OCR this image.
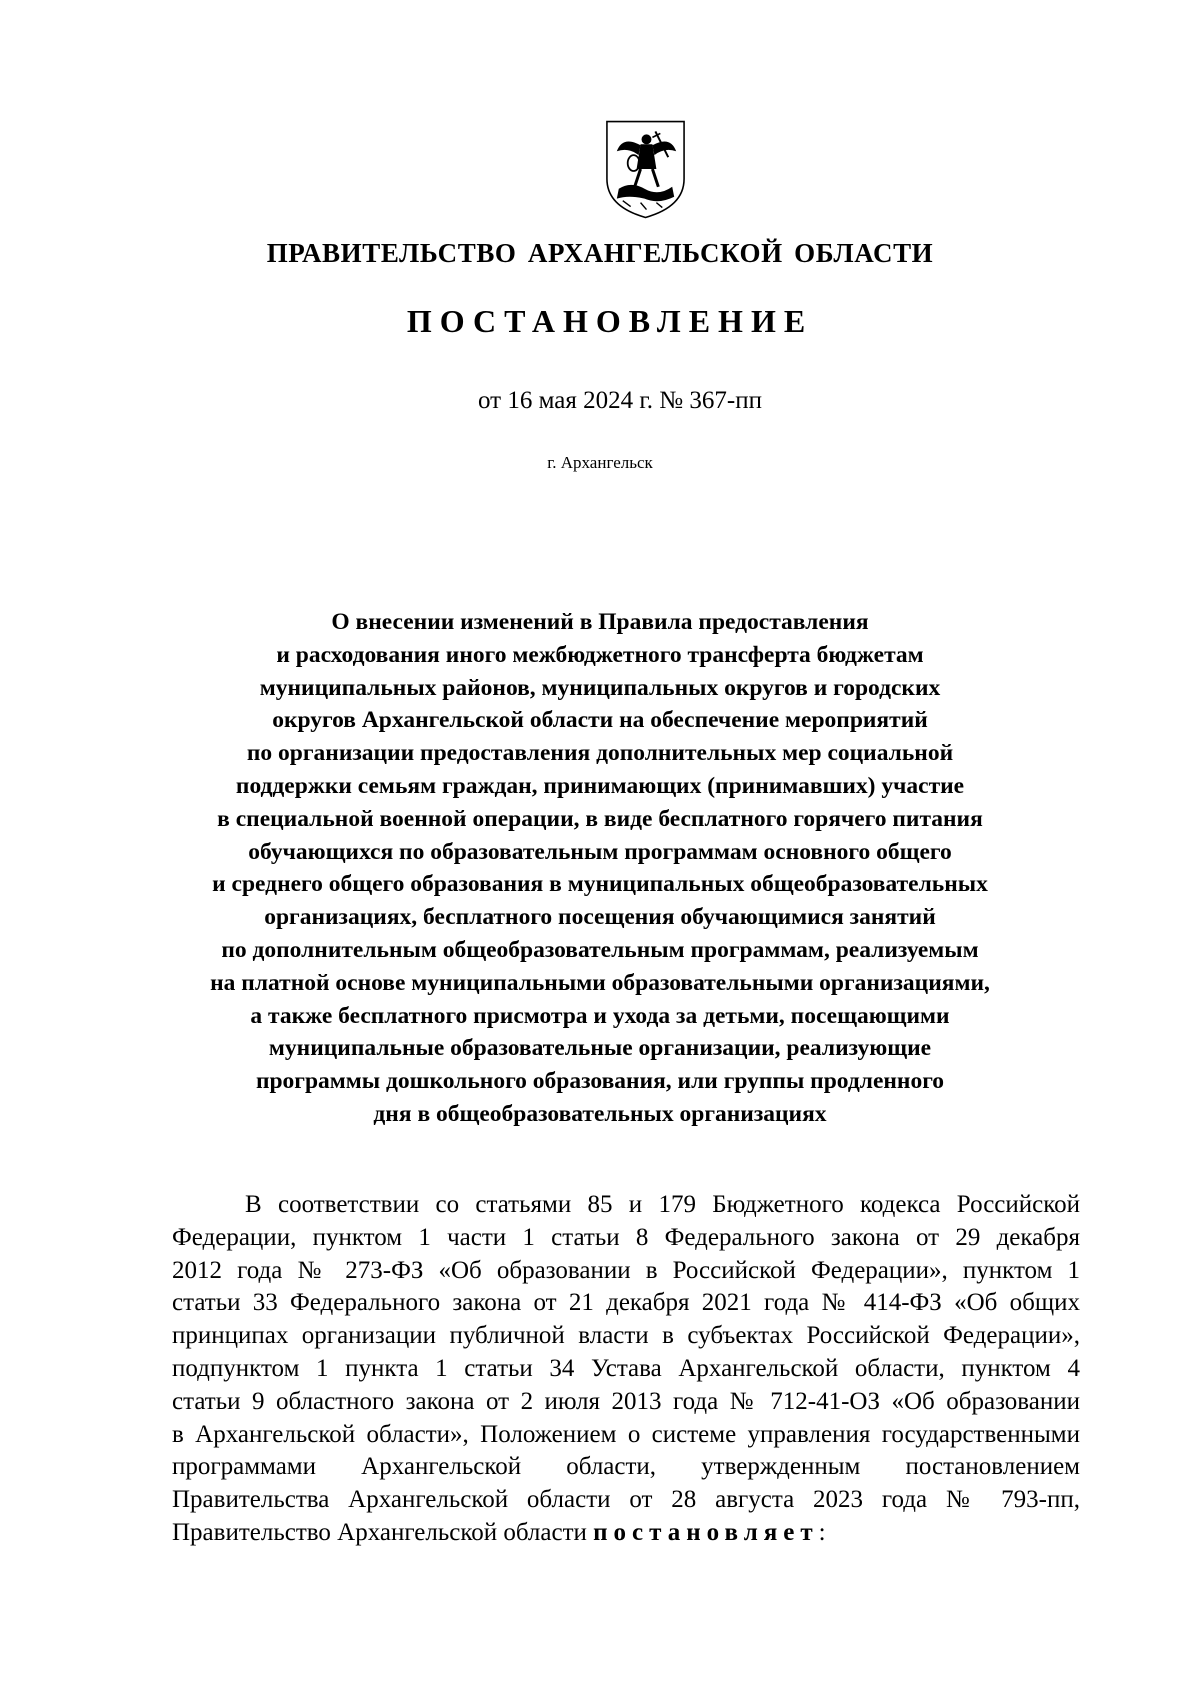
ПРАВИТЕЛЬСТВО АРХАНГЕЛЬСКОЙ ОБЛАСТИ
ПОСТАНОВЛЕНИЕ
от 16 мая 2024 г. № 367-пп
г. Архангельск
О внесении изменений в Правила предоставления
и расходования иного межбюджетного трансферта бюджетам
муниципальных районов, муниципальных округов и городских
округов Архангельской области на обеспечение мероприятий
по организации предоставления дополнительных мер социальной
поддержки семьям граждан, принимающих (принимавших) участие
в специальной военной операции, в виде бесплатного горячего питания
обучающихся по образовательным программам основного общего
и среднего общего образования в муниципальных общеобразовательных
организациях, бесплатного посещения обучающимися занятий
по дополнительным общеобразовательным программам, реализуемым
на платной основе муниципальными образовательными организациями,
а также бесплатного присмотра и ухода за детьми, посещающими
муниципальные образовательные организации, реализующие
программы дошкольного образования, или группы продленного
дня в общеобразовательных организациях
В соответствии со статьями 85 и 179 Бюджетного кодекса Российской
Федерации, пунктом 1 части 1 статьи 8 Федерального закона от 29 декабря
2012 года № 273-ФЗ «Об образовании в Российской Федерации», пунктом 1
статьи 33 Федерального закона от 21 декабря 2021 года № 414-ФЗ «Об общих
принципах организации публичной власти в субъектах Российской Федерации»,
подпунктом 1 пункта 1 статьи 34 Устава Архангельской области, пунктом 4
статьи 9 областного закона от 2 июля 2013 года № 712-41-ОЗ «Об образовании
в Архангельской области», Положением о системе управления государственными
программами Архангельской области, утвержденным постановлением
Правительства Архангельской области от 28 августа 2023 года № 793-пп,
Правительство Архангельской области постановляет:
